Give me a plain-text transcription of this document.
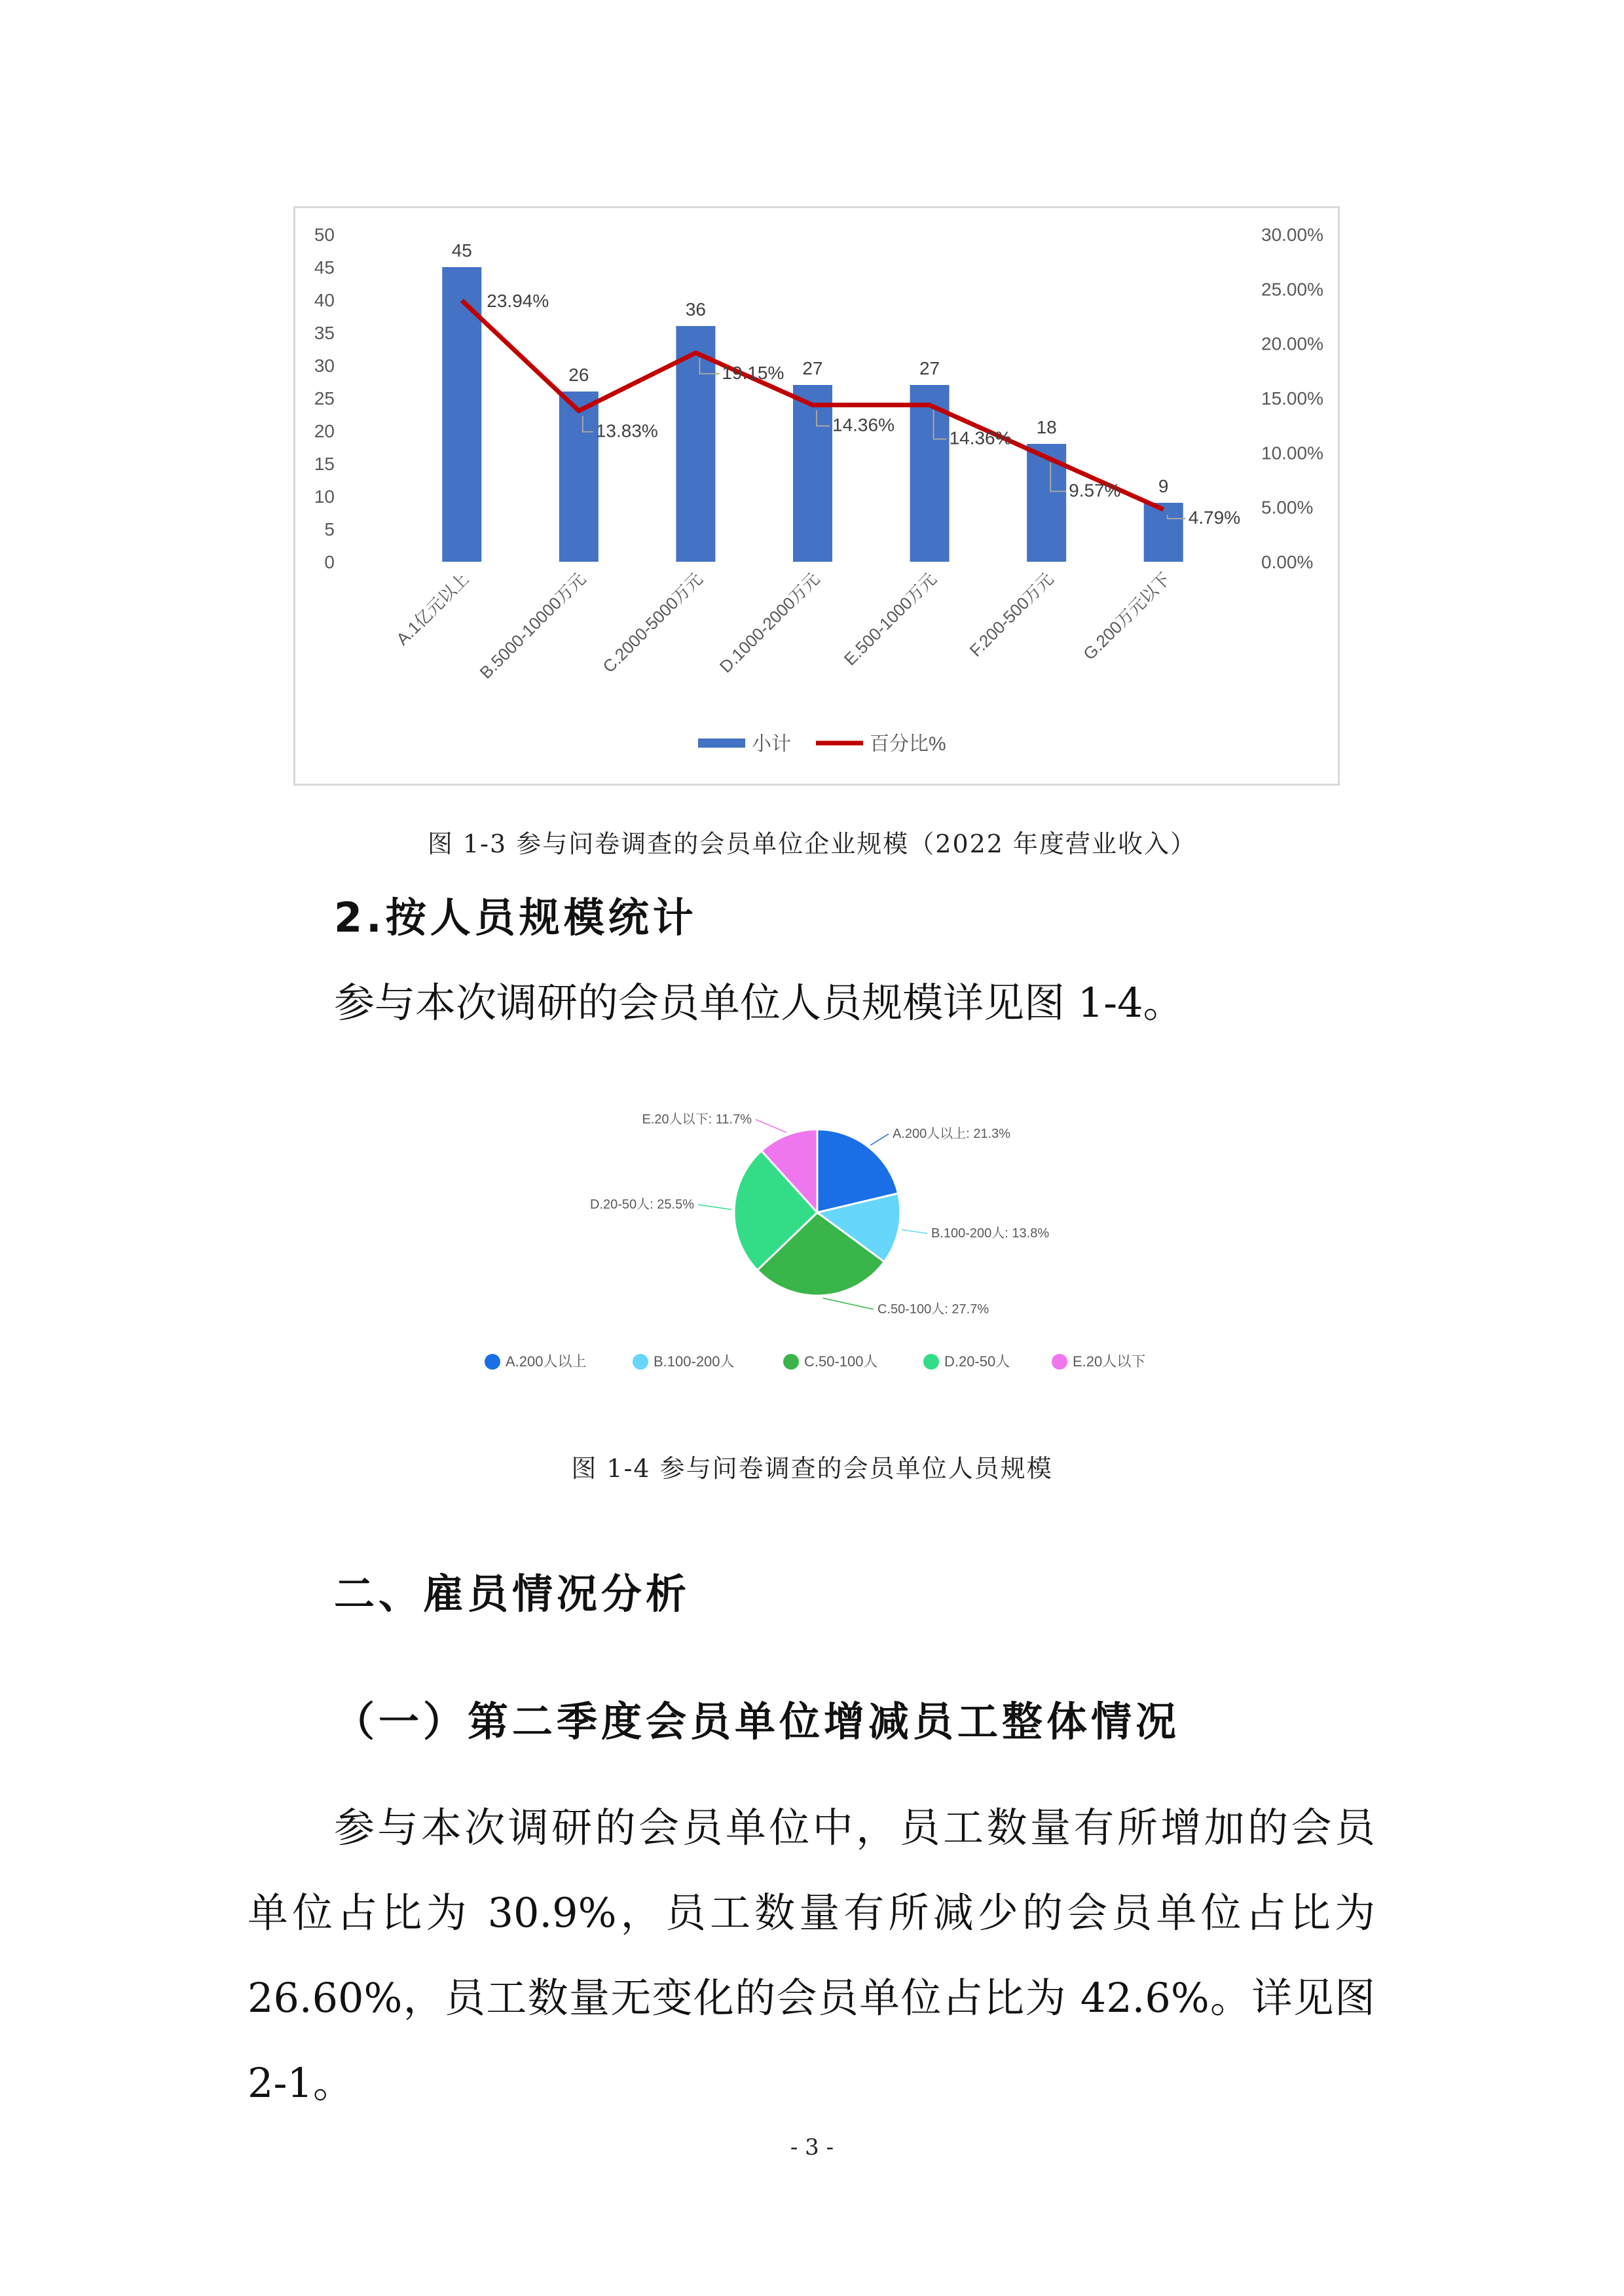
0
5
10
15
20
25
30
35
40
45
50
0.00%
5.00%
10.00%
15.00%
20.00%
25.00%
30.00%
45
A.1亿元以上
26
B.5000-10000万元
36
C.2000-5000万元
27
D.1000-2000万元
27
E.500-1000万元
18
F.200-500万元
9
G.200万元以下
23.94%
13.83%
19.15%
14.36%
14.36%
9.57%
4.79%
小计	百分比%
图 1-3 参与问卷调查的会员单位企业规模（2022 年度营业收入）
2.按人员规模统计
参与本次调研的会员单位人员规模详见图 1-4。
A.200人以上: 21.3%
B.100-200人: 13.8%
C.50-100人: 27.7%
D.20-50人: 25.5%
E.20人以下: 11.7%
A.200人以上	B.100-200人	C.50-100人	D.20-50人	E.20人以下
图 1-4 参与问卷调查的会员单位人员规模
二、雇员情况分析
（一）第二季度会员单位增减员工整体情况
参与本次调研的会员单位中，员工数量有所增加的会员
单位占比为 30.9%，员工数量有所减少的会员单位占比为
26.60%，员工数量无变化的会员单位占比为 42.6%。详见图
2-1。
- 3 -
